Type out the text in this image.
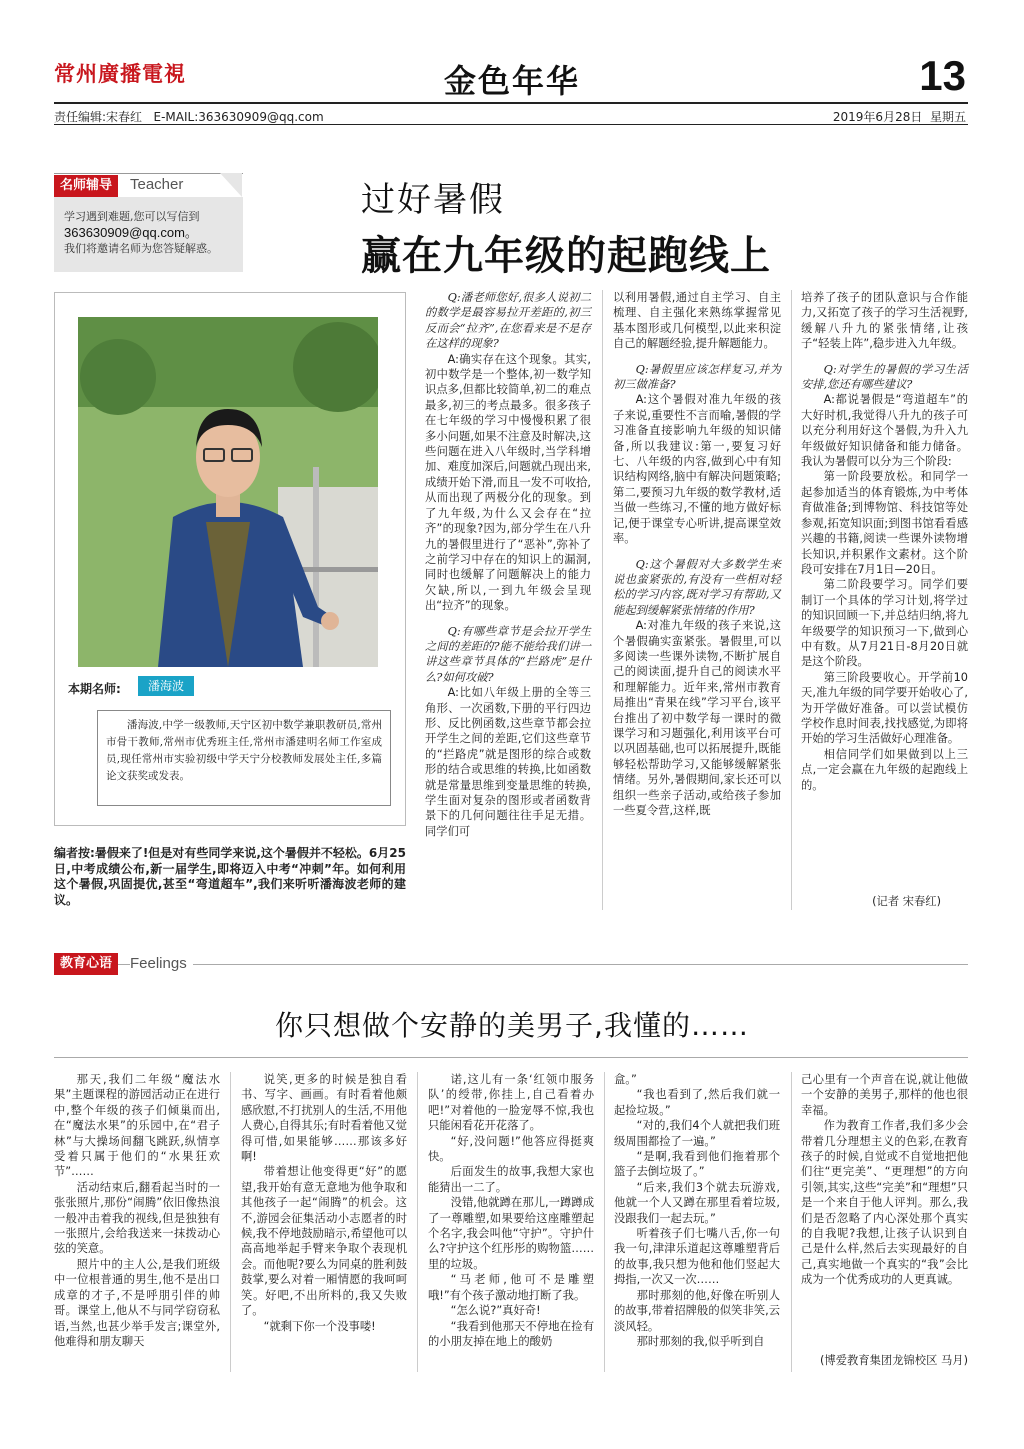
常州廣播電視	金色年华	13
责任编辑:宋春红 E-MAIL:363630909@qq.com	2019年6月28日 星期五
名师辅导	Teacher
学习遇到难题,您可以写信到
363630909@qq.com。
我们将邀请名师为您答疑解惑。
过好暑假
赢在九年级的起跑线上
本期名师:	潘海波
潘海波,中学一级教师,天宁区初中数学兼职教研员,常州市骨干教师,常州市优秀班主任,常州市潘建明名师工作室成员,现任常州市实验初级中学天宁分校教师发展处主任,多篇论文获奖或发表。
编者按:暑假来了!但是对有些同学来说,这个暑假并不轻松。6月25日,中考成绩公布,新一届学生,即将迈入中考“冲刺”年。如何利用这个暑假,巩固提优,甚至“弯道超车”,我们来听听潘海波老师的建议。

Q:潘老师您好,很多人说初二的数学是最容易拉开差距的,初三反而会“拉齐”,在您看来是不是存在这样的现象?

A:确实存在这个现象。其实,初中数学是一个整体,初一数学知识点多,但都比较简单,初二的难点最多,初三的考点最多。很多孩子在七年级的学习中慢慢积累了很多小问题,如果不注意及时解决,这些问题在进入八年级时,当学科增加、难度加深后,问题就凸现出来,成绩开始下滑,而且一发不可收拾,从而出现了两极分化的现象。到了九年级,为什么又会存在“拉齐”的现象?因为,部分学生在八升九的暑假里进行了“恶补”,弥补了之前学习中存在的知识上的漏洞,同时也缓解了问题解决上的能力欠缺,所以,一到九年级会呈现出“拉齐”的现象。

Q:有哪些章节是会拉开学生之间的差距的?能不能给我们讲一讲这些章节具体的“拦路虎”是什么?如何攻破?

A:比如八年级上册的全等三角形、一次函数,下册的平行四边形、反比例函数,这些章节都会拉开学生之间的差距,它们这些章节的“拦路虎”就是图形的综合或数形的结合或思维的转换,比如函数就是常量思维到变量思维的转换,学生面对复杂的图形或者函数背景下的几何问题往往手足无措。同学们可

以利用暑假,通过自主学习、自主梳理、自主强化来熟练掌握常见基本图形或几何模型,以此来积淀自己的解题经验,提升解题能力。

Q:暑假里应该怎样复习,并为初三做准备?

A:这个暑假对准九年级的孩子来说,重要性不言而喻,暑假的学习准备直接影响九年级的知识储备,所以我建议:第一,要复习好七、八年级的内容,做到心中有知识结构网络,脑中有解决问题策略;第二,要预习九年级的数学教材,适当做一些练习,不懂的地方做好标记,便于课堂专心听讲,提高课堂效率。

Q:这个暑假对大多数学生来说也蛮紧张的,有没有一些相对轻松的学习内容,既对学习有帮助,又能起到缓解紧张情绪的作用?

A:对准九年级的孩子来说,这个暑假确实蛮紧张。暑假里,可以多阅读一些课外读物,不断扩展自己的阅读面,提升自己的阅读水平和理解能力。近年来,常州市教育局推出“青果在线”学习平台,该平台推出了初中数学每一课时的微课学习和习题强化,利用该平台可以巩固基础,也可以拓展提升,既能够轻松帮助学习,又能够缓解紧张情绪。另外,暑假期间,家长还可以组织一些亲子活动,或给孩子参加一些夏令营,这样,既

培养了孩子的团队意识与合作能力,又拓宽了孩子的学习生活视野,缓解八升九的紧张情绪,让孩子“轻装上阵”,稳步进入九年级。

Q:对学生的暑假的学习生活安排,您还有哪些建议?

A:都说暑假是“弯道超车”的大好时机,我觉得八升九的孩子可以充分利用好这个暑假,为升入九年级做好知识储备和能力储备。我认为暑假可以分为三个阶段:

第一阶段要放松。和同学一起参加适当的体育锻炼,为中考体育做准备;到博物馆、科技馆等处参观,拓宽知识面;到图书馆看看感兴趣的书籍,阅读一些课外读物增长知识,并积累作文素材。这个阶段可安排在7月1日—20日。

第二阶段要学习。同学们要制订一个具体的学习计划,将学过的知识回顾一下,并总结归纳,将九年级要学的知识预习一下,做到心中有数。从7月21日-8月20日就是这个阶段。

第三阶段要收心。开学前10天,准九年级的同学要开始收心了,为开学做好准备。可以尝试模仿学校作息时间表,找找感觉,为即将开始的学习生活做好心理准备。

相信同学们如果做到以上三点,一定会赢在九年级的起跑线上的。

(记者 宋春红)
教育心语	Feelings
你只想做个安静的美男子,我懂的……

那天,我们二年级“魔法水果”主题课程的游园活动正在进行中,整个年级的孩子们倾巢而出,在“魔法水果”的乐园中,在“君子林”与大操场间翻飞跳跃,纵情享受着只属于他们的“水果狂欢节”……

活动结束后,翻看起当时的一张张照片,那份“闹腾”依旧像热浪一般冲击着我的视线,但是独独有一张照片,会给我送来一抹拨动心弦的笑意。

照片中的主人公,是我们班级中一位根普通的男生,他不是出口成章的才子,不是呼朋引伴的帅哥。课堂上,他从不与同学窃窃私语,当然,也甚少举手发言;课堂外,他难得和朋友聊天

说笑,更多的时候是独自看书、写字、画画。有时看着他颇感欣慰,不打扰别人的生活,不用他人费心,自得其乐;有时看着他又觉得可惜,如果能够……那该多好啊!

带着想让他变得更“好”的愿望,我开始有意无意地为他争取和其他孩子一起“闹腾”的机会。这不,游园会征集活动小志愿者的时候,我不停地鼓励暗示,希望他可以高高地举起手臂来争取个表现机会。而他呢?要么为同桌的胜利鼓鼓掌,要么对着一厢情愿的我呵呵笑。好吧,不出所料的,我又失败了。

“就剩下你一个没事喽!

诺,这儿有一条‘红领巾服务队’的绶带,你挂上,自己看着办吧!”对着他的一脸宠辱不惊,我也只能闲看花开花落了。

“好,没问题!”他答应得挺爽快。

后面发生的故事,我想大家也能猜出一二了。

没错,他就蹲在那儿,一蹲蹲成了一尊雕塑,如果要给这座雕塑起个名字,我会叫他“守护”。守护什么?守护这个红彤彤的购物篮……里的垃圾。

“马老师,他可不是雕塑哦!”有个孩子激动地打断了我。

“怎么说?”真好奇!

“我看到他那天不停地在捡有的小朋友掉在地上的酸奶

盒。”

“我也看到了,然后我们就一起捡垃圾。”

“对的,我们4个人就把我们班级周围都捡了一遍。”

“是啊,我看到他们拖着那个篮子去倒垃圾了。”

“后来,我们3个就去玩游戏,他就一个人又蹲在那里看着垃圾,没跟我们一起去玩。”

听着孩子们七嘴八舌,你一句我一句,津津乐道起这尊雕塑背后的故事,我只想为他和他们竖起大拇指,一次又一次……

那时那刻的他,好像在听别人的故事,带着招牌般的似笑非笑,云淡风轻。

那时那刻的我,似乎听到自

己心里有一个声音在说,就让他做一个安静的美男子,那样的他也很幸福。

作为教育工作者,我们多少会带着几分理想主义的色彩,在教育孩子的时候,自觉或不自觉地把他们往“更完美”、“更理想”的方向引领,其实,这些“完美”和“理想”只是一个来自于他人评判。那么,我们是否忽略了内心深处那个真实的自我呢?我想,让孩子认识到自己是什么样,然后去实现最好的自己,真实地做一个真实的“我”会比成为一个优秀成功的人更真诚。

(博爱教育集团龙锦校区 马月)
